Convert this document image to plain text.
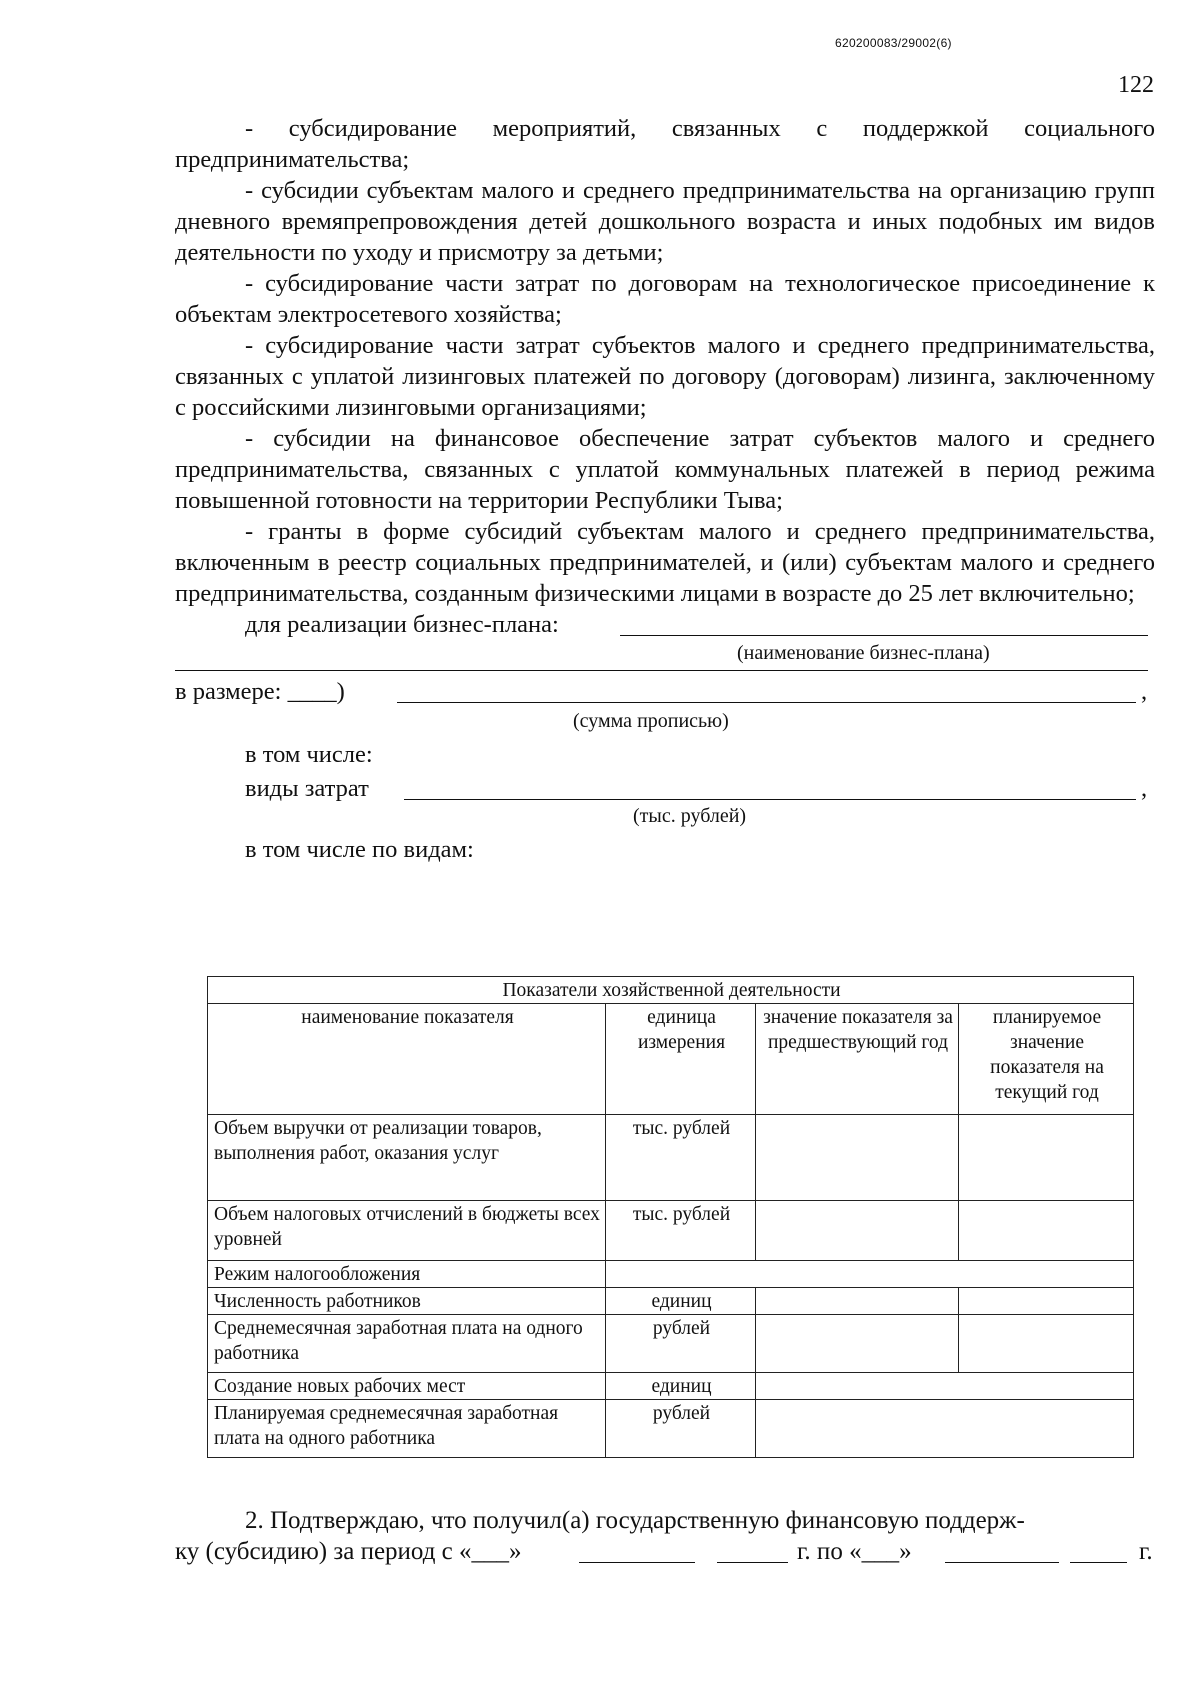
620200083/29002(6)
122

- субсидирование мероприятий, связанных с поддержкой социального предпринимательства;

- субсидии субъектам малого и среднего предпринимательства на организацию групп дневного времяпрепровождения детей дошкольного возраста и иных подобных им видов деятельности по уходу и присмотру за детьми;

- субсидирование части затрат по договорам на технологическое присоединение к объектам электросетевого хозяйства;

- субсидирование части затрат субъектов малого и среднего предпринимательства, связанных с уплатой лизинговых платежей по договору (договорам) лизинга, заключенному с российскими лизинговыми организациями;

- субсидии на финансовое обеспечение затрат субъектов малого и среднего предпринимательства, связанных с уплатой коммунальных платежей в период режима повышенной готовности на территории Республики Тыва;

- гранты в форме субсидий субъектам малого и среднего предпринимательства, включенным в реестр социальных предпринимателей, и (или) субъектам малого и среднего предпринимательства, созданным физическими лицами в возрасте до 25 лет включительно;

для реализации бизнес-плана:
(наименование бизнес-плана)
в размере: ____)	,
(сумма прописью)
в том числе:
виды затрат	,
(тыс. рублей)
в том числе по видам:
Показатели хозяйственной деятельности			
наименование показателя	единица измерения	значение показателя за предшествующий год	планируемое значение показателя на текущий год
Объем выручки от реализации товаров, выполнения работ, оказания услуг	тыс. рублей		
Объем налоговых отчислений в бюджеты всех уровней	тыс. рублей		
Режим налогообложения			
Численность работников	единиц		
Среднемесячная заработная плата на одного работника	рублей		
Создание новых рабочих мест	единиц		
Планируемая среднемесячная заработная плата на одного работника	рублей		
2. Подтверждаю, что получил(а) государственную финансовую поддерж-
ку (субсидию) за период с «___»	г. по «___»	г.
